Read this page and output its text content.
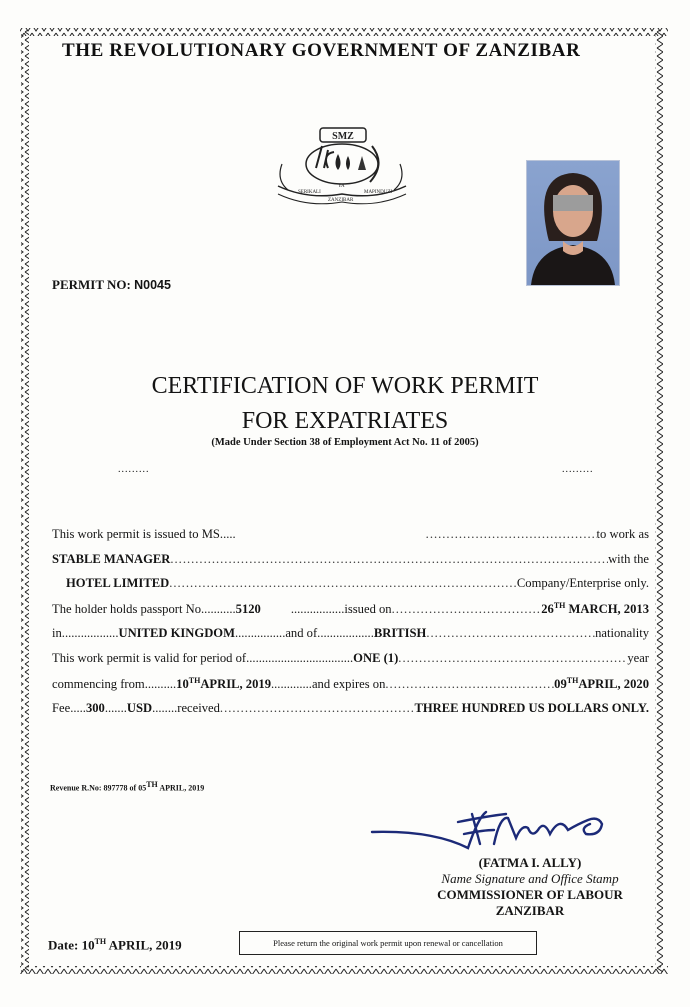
THE REVOLUTIONARY GOVERNMENT OF ZANZIBAR
SMZ
SERIKALI
YA
ZANZIBAR
MAPINDUZI
PERMIT NO: N0045
CERTIFICATION OF WORK PERMIT
FOR EXPATRIATES
(Made Under Section 38 of Employment Act No. 11 of 2005)
.........	.........
This work permit is issued to MS ..... .....	to work as
STABLE MANAGER .....	with the
HOTEL LIMITED .....	Company/Enterprise only.
The holder holds passport No ........... 5120 ................. issued on .....	26TH MARCH, 2013
in .................. UNITED KINGDOM ................ and of .................. BRITISH .....	nationality
This work permit is valid for period of .................................. ONE (1) .....	year
commencing from .......... 10THAPRIL, 2019 ............. and expires on .....	09THAPRIL, 2020
Fee ..... 300 ....... USD ........ received .....	THREE HUNDRED US DOLLARS ONLY.
Revenue R.No: 897778 of 05TH APRIL, 2019
(FATMA I. ALLY)
Name Signature and Office Stamp
COMMISSIONER OF LABOUR
ZANZIBAR
Date: 10TH APRIL, 2019	Please return the original work permit upon renewal or cancellation
